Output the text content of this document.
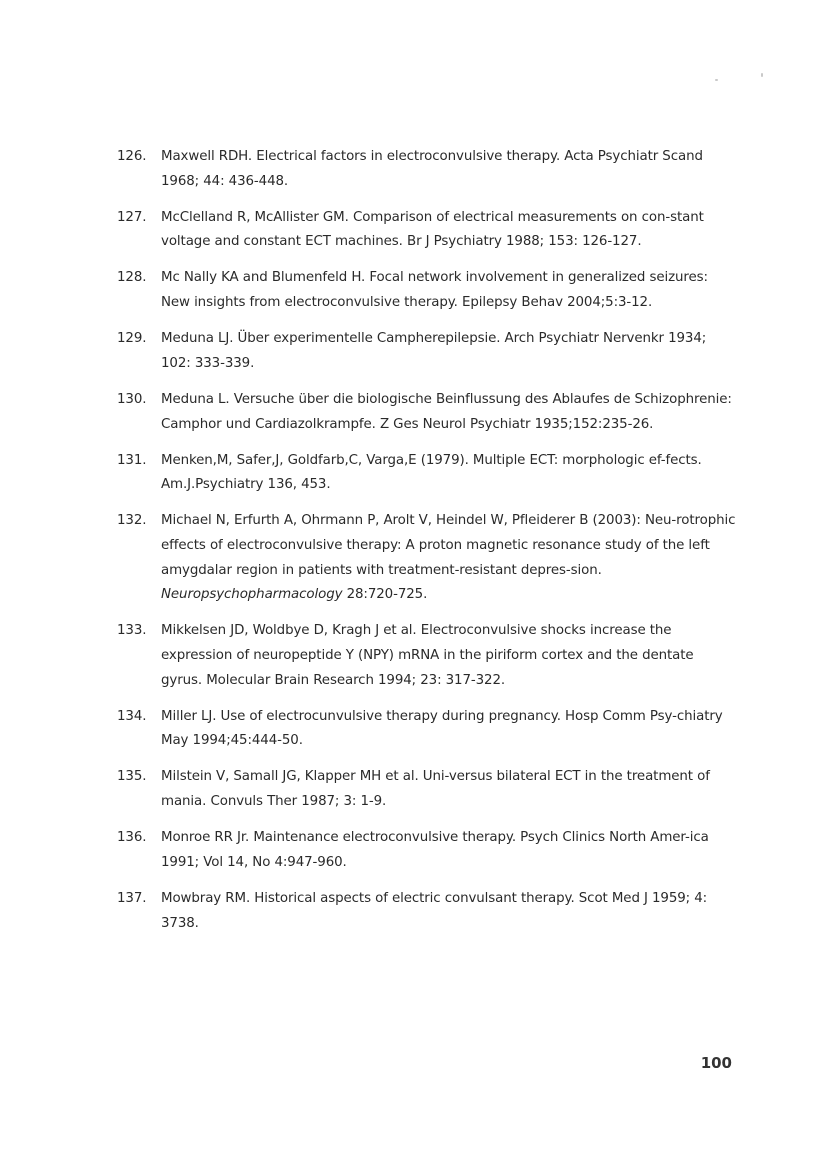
126.	Maxwell RDH. Electrical factors in electroconvulsive therapy. Acta Psychiatr Scand 1968; 44: 436-448.
127.	McClelland R, McAllister GM. Comparison of electrical measurements on con-stant voltage and constant ECT machines. Br J Psychiatry 1988; 153: 126-127.
128.	Mc Nally KA and Blumenfeld H. Focal network involvement in generalized seizures: New insights from electroconvulsive therapy. Epilepsy Behav 2004;5:3-12.
129.	Meduna LJ. Über experimentelle Campherepilepsie. Arch Psychiatr Nervenkr 1934; 102: 333-339.
130.	Meduna L. Versuche über die biologische Beinflussung des Ablaufes de Schizophrenie: Camphor und Cardiazolkrampfe. Z Ges Neurol Psychiatr 1935;152:235-26.
131.	Menken,M, Safer,J, Goldfarb,C, Varga,E (1979). Multiple ECT: morphologic ef-fects. Am.J.Psychiatry 136, 453.
132.	Michael N, Erfurth A, Ohrmann P, Arolt V, Heindel W, Pfleiderer B (2003): Neu-rotrophic effects of electroconvulsive therapy: A proton magnetic resonance study of the left amygdalar region in patients with treatment-resistant depres-sion. Neuropsychopharmacology 28:720-725.
133.	Mikkelsen JD, Woldbye D, Kragh J et al. Electroconvulsive shocks increase the expression of neuropeptide Y (NPY) mRNA in the piriform cortex and the dentate gyrus. Molecular Brain Research 1994; 23: 317-322.
134.	Miller LJ. Use of electrocunvulsive therapy during pregnancy. Hosp Comm Psy-chiatry May 1994;45:444-50.
135.	Milstein V, Samall JG, Klapper MH et al. Uni-versus bilateral ECT in the treatment of mania. Convuls Ther 1987; 3: 1-9.
136.	Monroe RR Jr. Maintenance electroconvulsive therapy. Psych Clinics North Amer-ica 1991; Vol 14, No 4:947-960.
137.	Mowbray RM. Historical aspects of electric convulsant therapy. Scot Med J 1959; 4: 3738.
100
